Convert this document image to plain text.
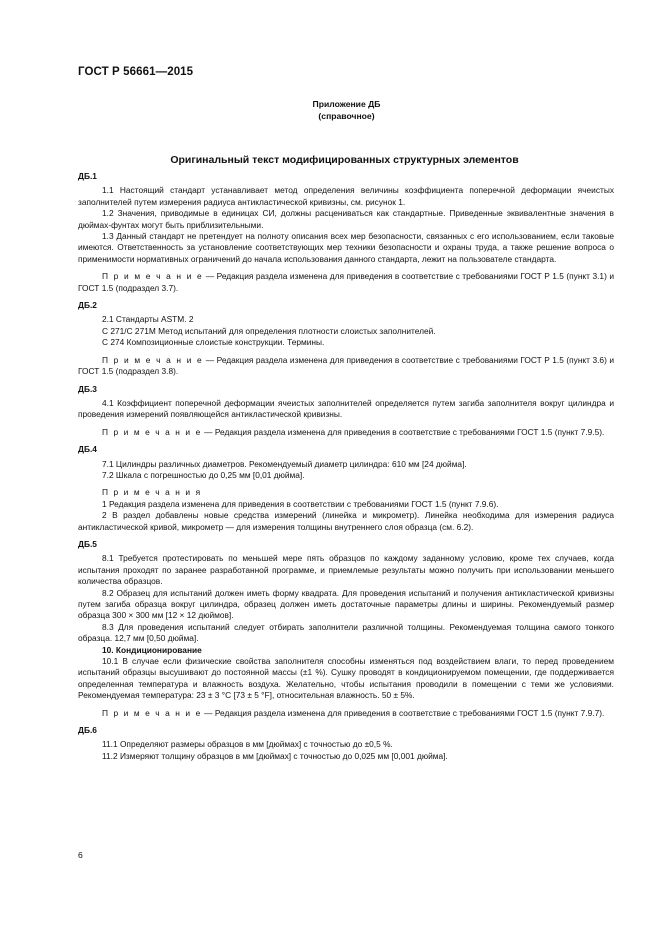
ГОСТ Р 56661—2015
Приложение ДБ
(справочное)
Оригинальный текст модифицированных структурных элементов
ДБ.1

1.1 Настоящий стандарт устанавливает метод определения величины коэффициента поперечной деформации ячеистых заполнителей путем измерения радиуса антикластической кривизны, см. рисунок 1.

1.2 Значения, приводимые в единицах СИ, должны расцениваться как стандартные. Приведенные эквивалентные значения в дюймах-фунтах могут быть приблизительными.

1.3 Данный стандарт не претендует на полноту описания всех мер безопасности, связанных с его использованием, если таковые имеются. Ответственность за установление соответствующих мер техники безопасности и охраны труда, а также решение вопроса о применимости нормативных ограничений до начала использования данного стандарта, лежит на пользователе стандарта.

П р и м е ч а н и е — Редакция раздела изменена для приведения в соответствие с требованиями ГОСТ Р 1.5 (пункт 3.1) и ГОСТ 1.5 (подраздел 3.7).

ДБ.2

2.1 Стандарты ASTM. 2

С 271/С 271М Метод испытаний для определения плотности слоистых заполнителей.

С 274 Композиционные слоистые конструкции. Термины.

П р и м е ч а н и е — Редакция раздела изменена для приведения в соответствие с требованиями ГОСТ Р 1.5 (пункт 3.6) и ГОСТ 1.5 (подраздел 3.8).

ДБ.3

4.1 Коэффициент поперечной деформации ячеистых заполнителей определяется путем загиба заполнителя вокруг цилиндра и проведения измерений появляющейся антикластической кривизны.

П р и м е ч а н и е — Редакция раздела изменена для приведения в соответствие с требованиями ГОСТ 1.5 (пункт 7.9.5).

ДБ.4

7.1 Цилиндры различных диаметров. Рекомендуемый диаметр цилиндра: 610 мм [24 дюйма].

7.2 Шкала с погрешностью до 0,25 мм [0,01 дюйма].

П р и м е ч а н и я

1 Редакция раздела изменена для приведения в соответствии с требованиями ГОСТ 1.5 (пункт 7.9.6).

2 В раздел добавлены новые средства измерений (линейка и микрометр). Линейка необходима для измерения радиуса антикластической кривой, микрометр — для измерения толщины внутреннего слоя образца (см. 6.2).

ДБ.5

8.1 Требуется протестировать по меньшей мере пять образцов по каждому заданному условию, кроме тех случаев, когда испытания проходят по заранее разработанной программе, и приемлемые результаты можно получить при использовании меньшего количества образцов.

8.2 Образец для испытаний должен иметь форму квадрата. Для проведения испытаний и получения антикластической кривизны путем загиба образца вокруг цилиндра, образец должен иметь достаточные параметры длины и ширины. Рекомендуемый размер образца 300 × 300 мм [12 × 12 дюймов].

8.3 Для проведения испытаний следует отбирать заполнители различной толщины. Рекомендуемая толщина самого тонкого образца. 12,7 мм [0,50 дюйма].

10. Кондиционирование

10.1 В случае если физические свойства заполнителя способны изменяться под воздействием влаги, то перед проведением испытаний образцы высушивают до постоянной массы (±1 %). Сушку проводят в кондиционируемом помещении, где поддерживается определенная температура и влажность воздуха. Желательно, чтобы испытания проводили в помещении с теми же условиями. Рекомендуемая температура: 23 ± 3 °C [73 ± 5 °F], относительная влажность. 50 ± 5%.

П р и м е ч а н и е — Редакция раздела изменена для приведения в соответствие с требованиями ГОСТ 1.5 (пункт 7.9.7).

ДБ.6

11.1 Определяют размеры образцов в мм [дюймах] с точностью до ±0,5 %.

11.2 Измеряют толщину образцов в мм [дюймах] с точностью до 0,025 мм [0,001 дюйма].

6
